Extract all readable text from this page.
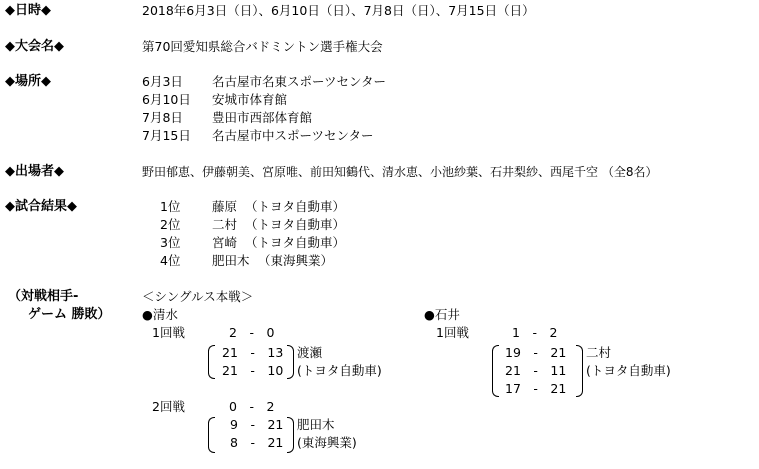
◆日時◆	2018年6月3日（日）、6月10日（日）、7月8日（日）、7月15日（日）
◆大会名◆	第70回愛知県総合バドミントン選手権大会
◆場所◆	6月3日 名古屋市名東スポーツセンター
6月10日 安城市体育館
7月8日 豊田市西部体育館
7月15日 名古屋市中スポーツセンター
◆出場者◆	野田郁恵、伊藤朝美、宮原唯、前田知鶴代、清水恵、小池紗葉、石井梨紗、西尾千空 （全8名）
◆試合結果◆	1位	藤原 （トヨタ自動車）
2位	二村 （トヨタ自動車）
3位	宮崎 （トヨタ自動車）
4位	肥田木 （東海興業）
（対戦相手-
ゲーム 勝敗）
＜シングルス本戦＞
●清水
1回戦	2　-　0
21　-　13
21　-　10
渡瀬
(トヨタ自動車)
2回戦	0　-　2
9　-　21
8　-　21
肥田木
(東海興業)
●石井
1回戦	1　-　2
19　-　21
21　-　11
17　-　21
二村
(トヨタ自動車)
